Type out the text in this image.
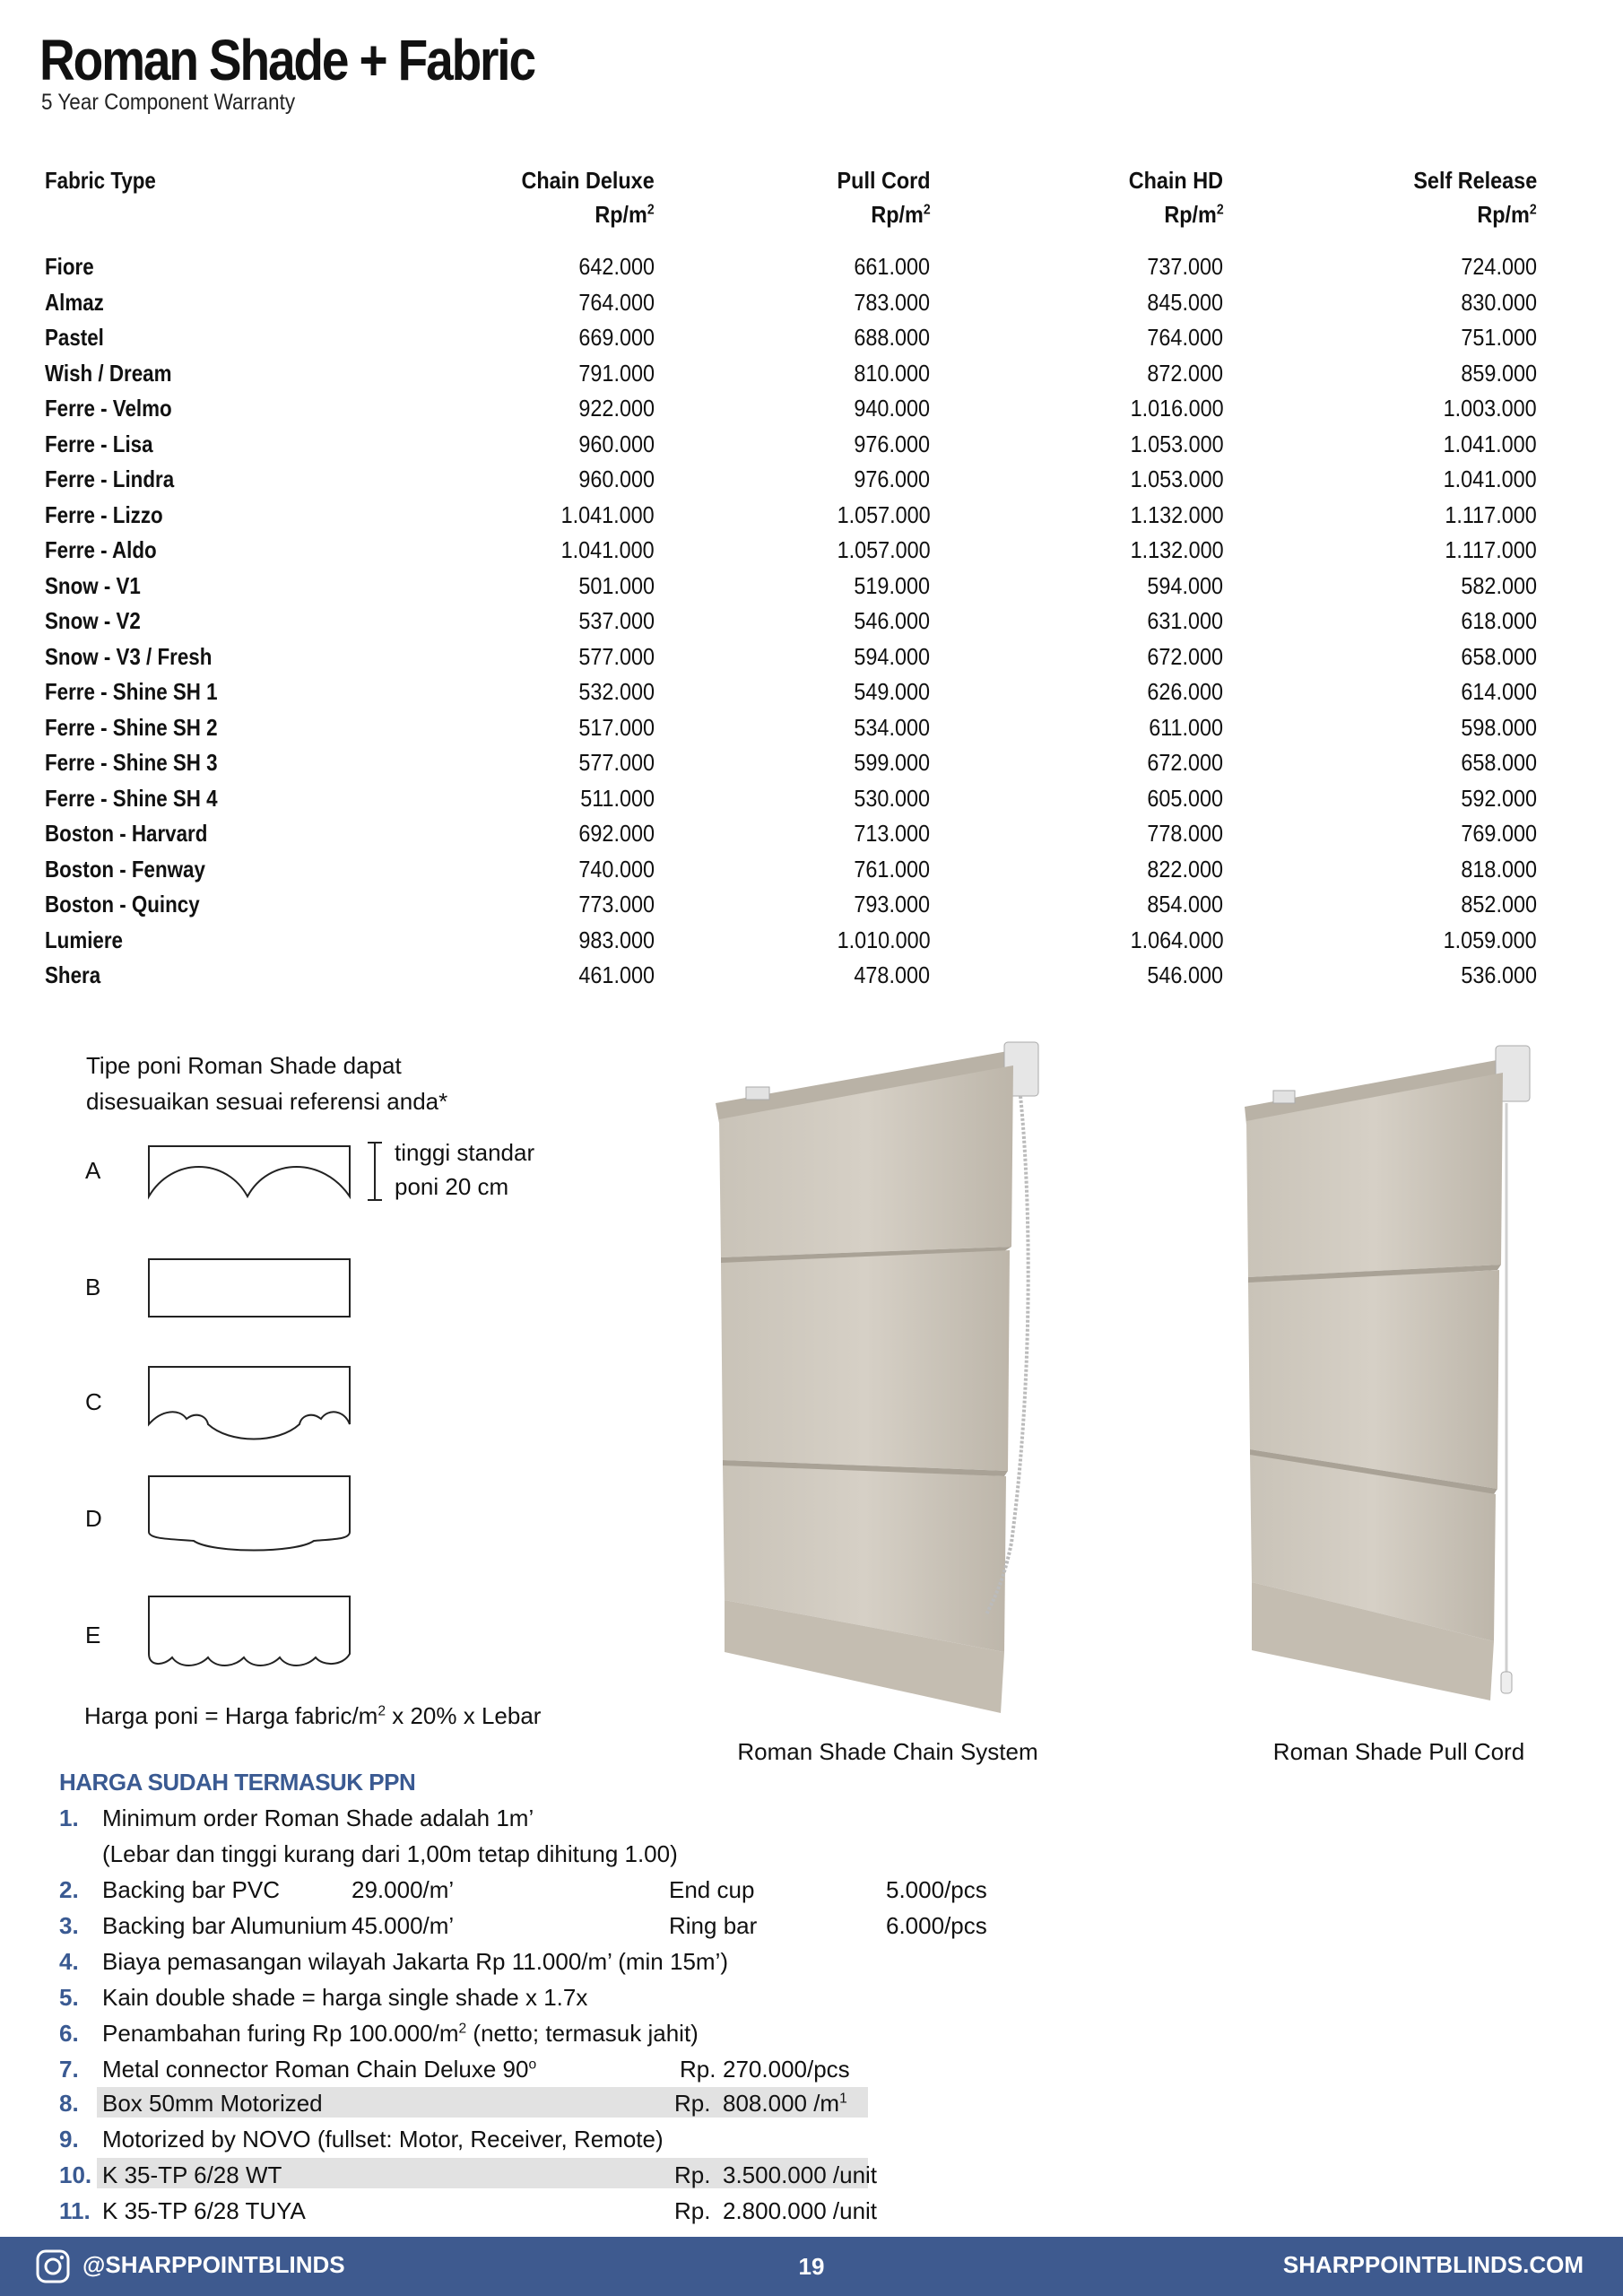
Roman Shade + Fabric
5 Year Component Warranty
Fabric Type	Chain Deluxe	Pull Cord	Chain HD	Self Release
	$Rp/m^2$	$Rp/m^2$	$Rp/m^2$	$Rp/m^2$
Fiore	642.000	661.000	737.000	724.000
Almaz	764.000	783.000	845.000	830.000
Pastel	669.000	688.000	764.000	751.000
Wish / Dream	791.000	810.000	872.000	859.000
Ferre - Velmo	922.000	940.000	1.016.000	1.003.000
Ferre - Lisa	960.000	976.000	1.053.000	1.041.000
Ferre - Lindra	960.000	976.000	1.053.000	1.041.000
Ferre - Lizzo	1.041.000	1.057.000	1.132.000	1.117.000
Ferre - Aldo	1.041.000	1.057.000	1.132.000	1.117.000
Snow - V1	501.000	519.000	594.000	582.000
Snow - V2	537.000	546.000	631.000	618.000
Snow - V3 / Fresh	577.000	594.000	672.000	658.000
Ferre - Shine SH 1	532.000	549.000	626.000	614.000
Ferre - Shine SH 2	517.000	534.000	611.000	598.000
Ferre - Shine SH 3	577.000	599.000	672.000	658.000
Ferre - Shine SH 4	511.000	530.000	605.000	592.000
Boston - Harvard	692.000	713.000	778.000	769.000
Boston - Fenway	740.000	761.000	822.000	818.000
Boston - Quincy	773.000	793.000	854.000	852.000
Lumiere	983.000	1.010.000	1.064.000	1.059.000
Shera	461.000	478.000	546.000	536.000
Tipe poni Roman Shade dapat
disesuaikan sesuai referensi anda*
A
B
C
D
E
tinggi standar
poni 20 cm
Harga poni = Harga fabric/$m^2$ x 20% x Lebar
Roman Shade Chain System	Roman Shade Pull Cord
HARGA SUDAH TERMASUK PPN
1. Minimum order Roman Shade adalah 1m’
(Lebar dan tinggi kurang dari 1,00m tetap dihitung 1.00)
2. Backing bar PVC	29.000/m’	End cup	5.000/pcs
3. Backing bar Alumunium 45.000/m’	Ring bar	6.000/pcs
4. Biaya pemasangan wilayah Jakarta Rp 11.000/m’ (min 15m’)
5. Kain double shade = harga single shade x 1.7x
6. Penambahan furing Rp $100.000/m^2$ (netto; termasuk jahit)
7. Metal connector Roman Chain Deluxe 90$^o$	Rp. 270.000/pcs
8. Box 50mm Motorized	Rp. 808.000 $/m^1$
9. Motorized by NOVO (fullset: Motor, Receiver, Remote)
10. K 35-TP 6/28 WT	Rp. 3.500.000 /unit
11. K 35-TP 6/28 TUYA	Rp. 2.800.000 /unit
@SHARPPOINTBLINDS	19	SHARPPOINTBLINDS.COM
